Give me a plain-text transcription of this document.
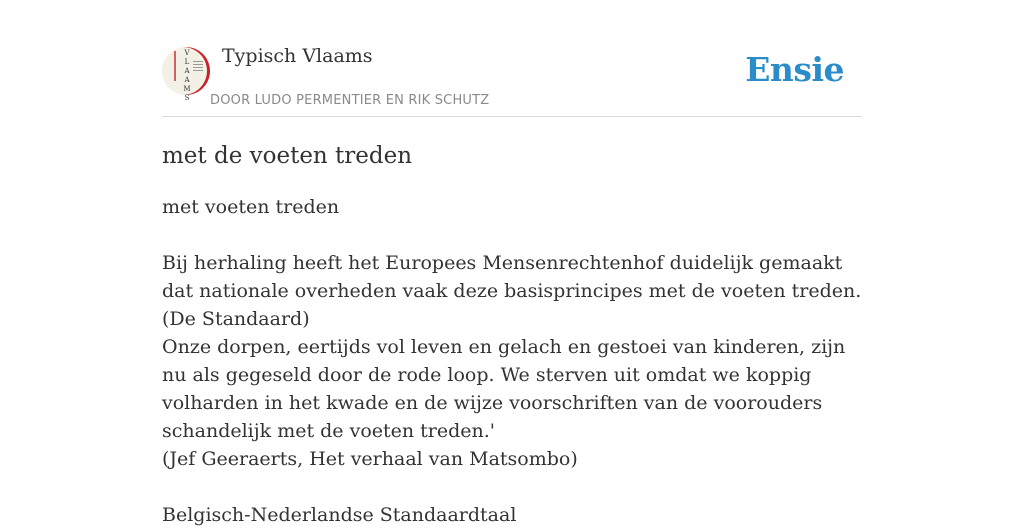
V
L
A
A
M
S
Typisch Vlaams
DOOR LUDO PERMENTIER EN RIK SCHUTZ
Ensie
met de voeten treden

met voeten treden

Bij herhaling heeft het Europees Mensenrechtenhof duidelijk gemaakt dat nationale overheden vaak deze basisprincipes met de voeten treden.

(De Standaard)

Onze dorpen, eertijds vol leven en gelach en gestoei van kinderen, zijn nu als gegeseld door de rode loop. We sterven uit omdat we koppig volharden in het kwade en de wijze voorschriften van de voorouders schandelijk met de voeten treden.'

(Jef Geeraerts, Het verhaal van Matsombo)

Belgisch-Nederlandse Standaardtaal
